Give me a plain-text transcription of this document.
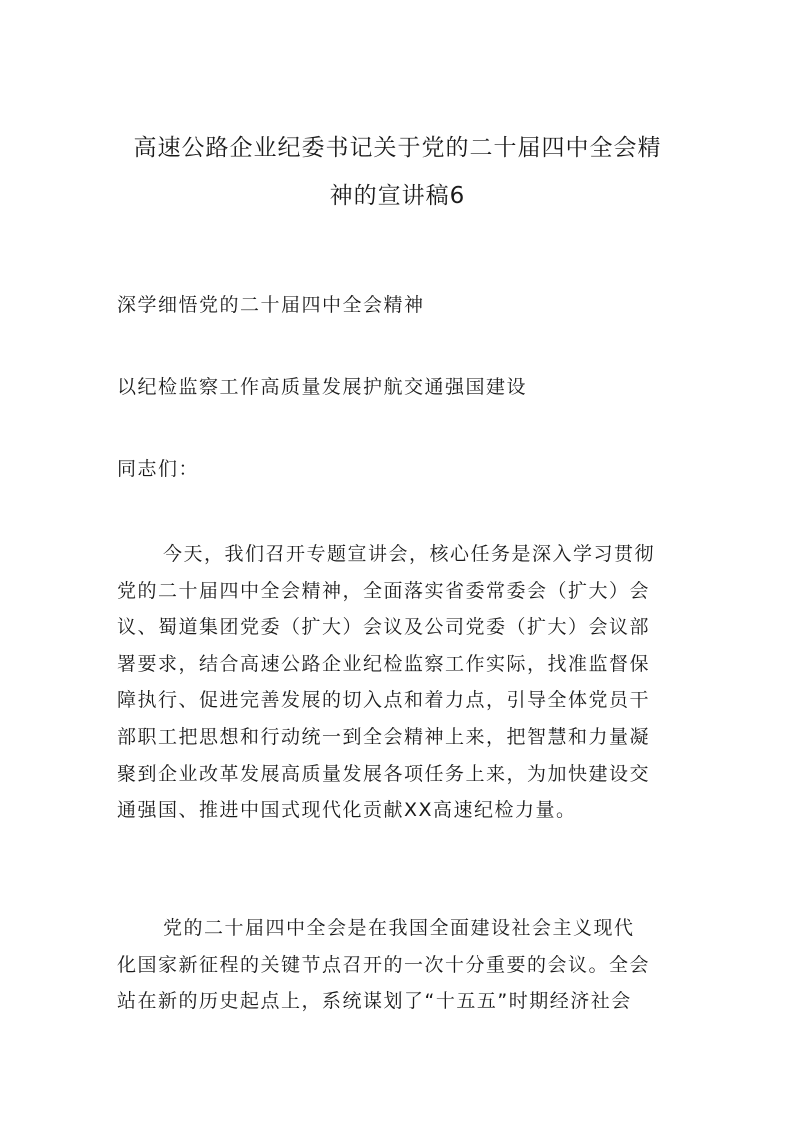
高速公路企业纪委书记关于党的二十届四中全会精
神的宣讲稿6

深学细悟党的二十届四中全会精神

以纪检监察工作高质量发展护航交通强国建设

同志们：

今天，我们召开专题宣讲会，核心任务是深入学习贯彻
党的二十届四中全会精神，全面落实省委常委会（扩大）会
议、蜀道集团党委（扩大）会议及公司党委（扩大）会议部
署要求，结合高速公路企业纪检监察工作实际，找准监督保
障执行、促进完善发展的切入点和着力点，引导全体党员干
部职工把思想和行动统一到全会精神上来，把智慧和力量凝
聚到企业改革发展高质量发展各项任务上来，为加快建设交
通强国、推进中国式现代化贡献XX高速纪检力量。
党的二十届四中全会是在我国全面建设社会主义现代
化国家新征程的关键节点召开的一次十分重要的会议。全会
站在新的历史起点上，系统谋划了“十五五”时期经济社会
